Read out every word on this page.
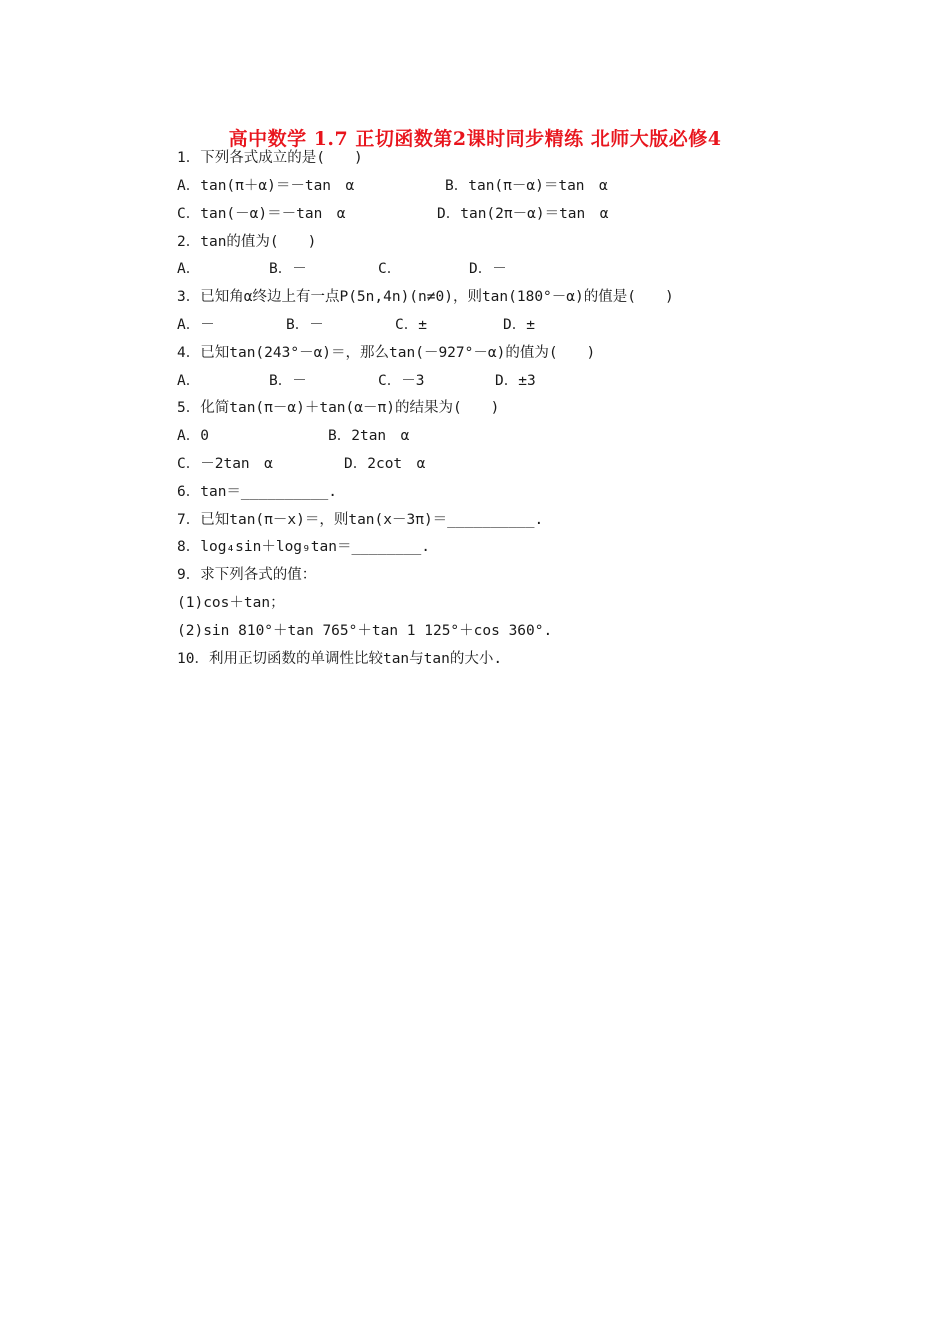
高中数学 1.7 正切函数第2课时同步精练 北师大版必修4
1．下列各式成立的是(　　)
A．tan(π＋α)＝－tan　α	B．tan(π－α)＝tan　α
C．tan(－α)＝－tan　α	D．tan(2π－α)＝tan　α
2．tan的值为(　　)
A．	B．－	C．	D．－
3．已知角α终边上有一点P(5n,4n)(n≠0)，则tan(180°－α)的值是(　　)
A．－	B．－	C．±	D．±
4．已知tan(243°－α)＝，那么tan(－927°－α)的值为(　　)
A．	B．－	C．－3	D．±3
5．化简tan(π－α)＋tan(α－π)的结果为(　　)
A．0	B．2tan　α
C．－2tan　α	D．2cot　α
6．tan＝__________.
7．已知tan(π－x)＝，则tan(x－3π)＝__________.
8．log₄sin＋log₉tan＝________.
9．求下列各式的值：
(1)cos＋tan；
(2)sin 810°＋tan 765°＋tan 1 125°＋cos 360°.
10．利用正切函数的单调性比较tan与tan的大小.
